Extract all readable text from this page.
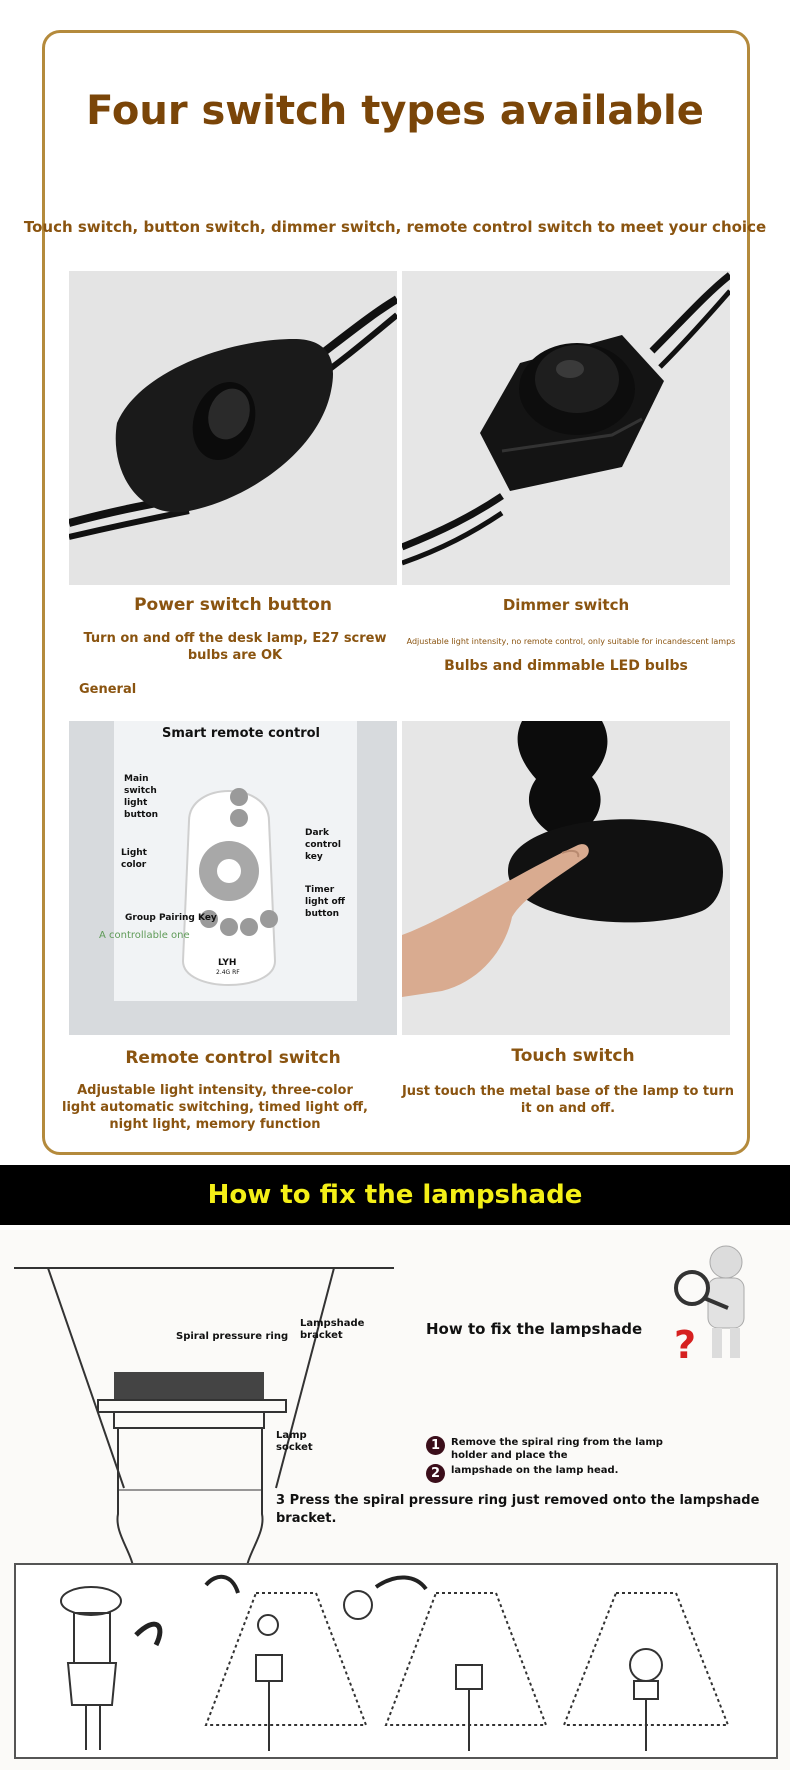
Four switch types available
Touch switch, button switch, dimmer switch, remote control switch to meet your choice
Power switch button
Turn on and off the desk lamp, E27 screw bulbs are OK
General
Dimmer switch
Adjustable light intensity, no remote control, only suitable for incandescent lamps
Bulbs and dimmable LED bulbs
Smart remote control
Main switch light button
Light color
Dark control key
Timer light off button
Group Pairing Key
A controllable one
LYH
2.4G RF
Remote control switch
Adjustable light intensity, three-color light automatic switching, timed light off, night light, memory function
Touch switch
Just touch the metal base of the lamp to turn it on and off.
How to fix the lampshade
Spiral pressure ring
Lampshade bracket
Lamp socket
How to fix the lampshade ?
1	Remove the spiral ring from the lamp holder and place the
2	lampshade on the lamp head.
3 Press the spiral pressure ring just removed onto the lampshade bracket.
